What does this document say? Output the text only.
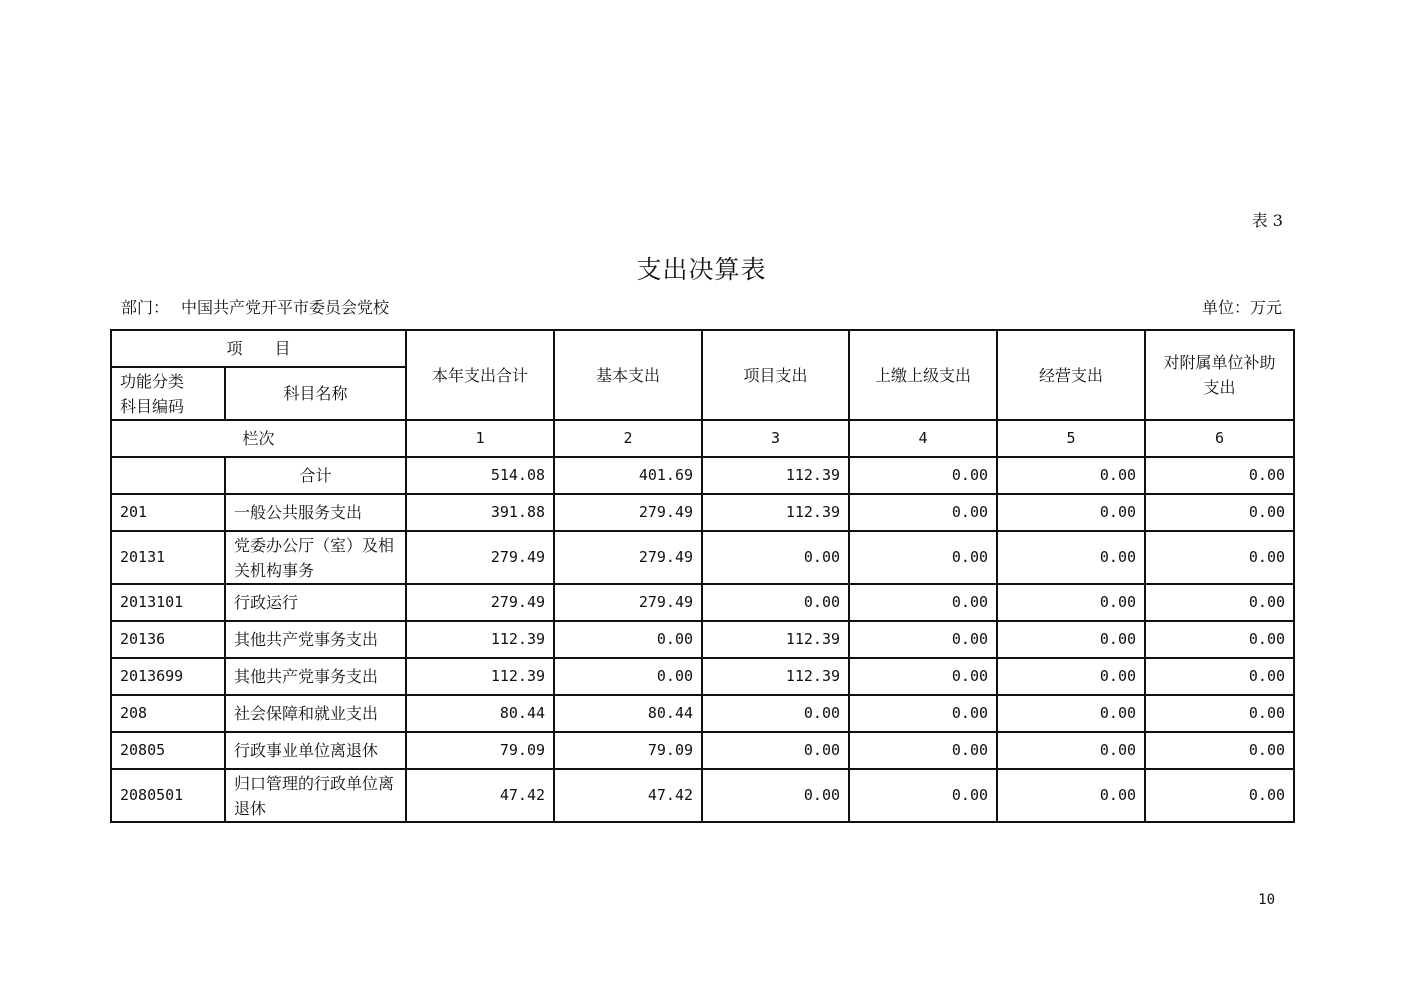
表 3
支出决算表
部门： 中国共产党开平市委员会党校	单位：万元
项　　目		本年支出合计	基本支出	项目支出	上缴上级支出	经营支出	对附属单位补助
支出
功能分类
科目编码	科目名称						
栏次		1	2	3	4	5	6
	合计	514.08	401.69	112.39	0.00	0.00	0.00
201	一般公共服务支出	391.88	279.49	112.39	0.00	0.00	0.00
20131	党委办公厅（室）及相关机构事务	279.49	279.49	0.00	0.00	0.00	0.00
2013101	行政运行	279.49	279.49	0.00	0.00	0.00	0.00
20136	其他共产党事务支出	112.39	0.00	112.39	0.00	0.00	0.00
2013699	其他共产党事务支出	112.39	0.00	112.39	0.00	0.00	0.00
208	社会保障和就业支出	80.44	80.44	0.00	0.00	0.00	0.00
20805	行政事业单位离退休	79.09	79.09	0.00	0.00	0.00	0.00
2080501	归口管理的行政单位离退休	47.42	47.42	0.00	0.00	0.00	0.00
10
